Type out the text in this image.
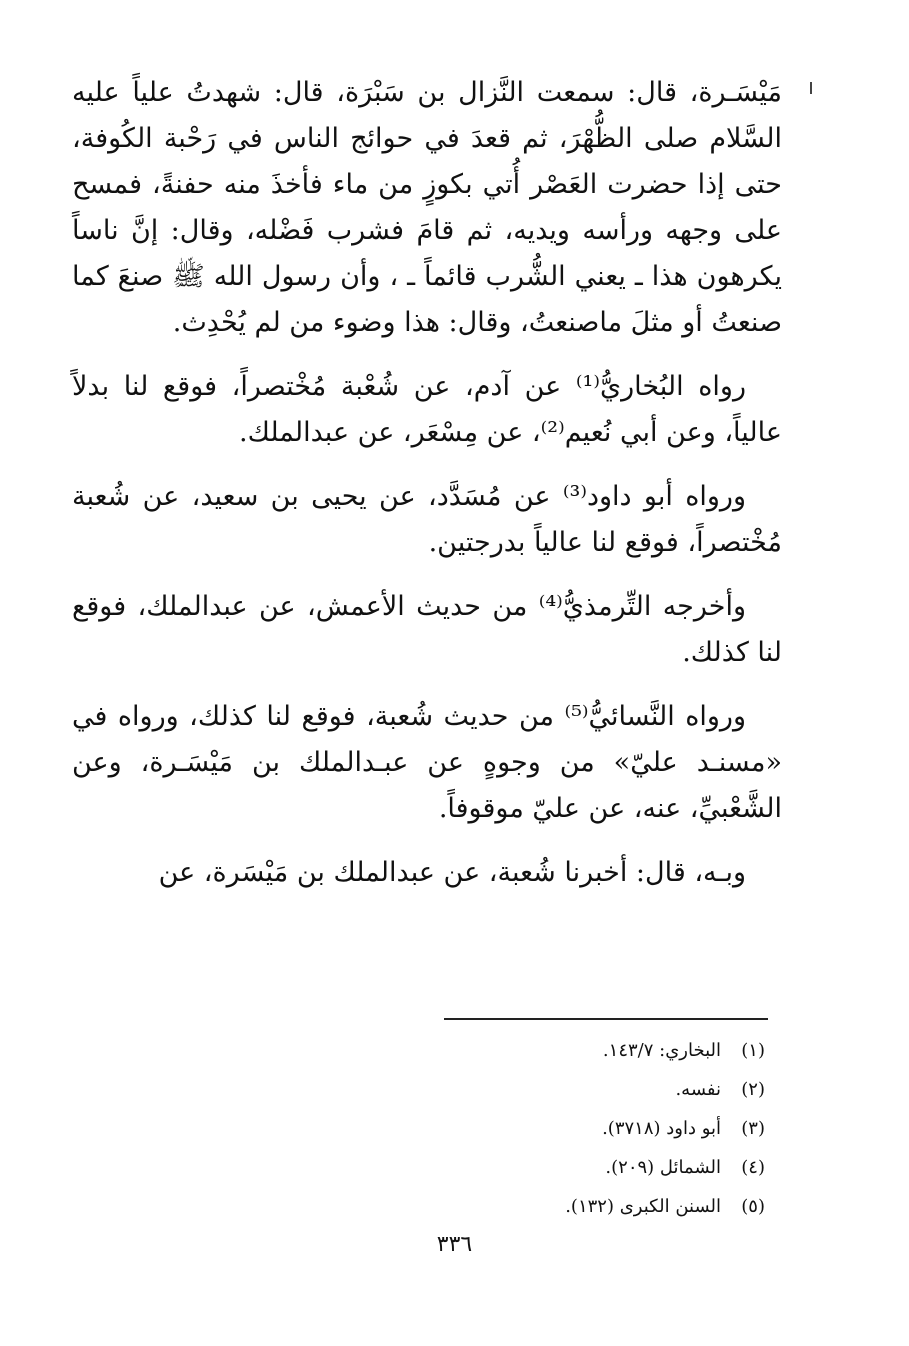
مَيْسَـرة، قال: سمعت النَّزال بن سَبْرَة، قال: شهدتُ علياً عليه السَّلام صلى الظُّهْرَ، ثم قعدَ في حوائج الناس في رَحْبة الكُوفة، حتى إذا حضرت العَصْر أُتي بكوزٍ من ماء فأخذَ منه حفنةً، فمسح على وجهه ورأسه ويديه، ثم قامَ فشرب فَضْله، وقال: إنَّ ناساً يكرهون هذا ـ يعني الشُّرب قائماً ـ ، وأن رسول الله ﷺ صنعَ كما صنعتُ أو مثلَ ماصنعتُ، وقال: هذا وضوء من لم يُحْدِث.

رواه البُخاريُّ⁽¹⁾ عن آدم، عن شُعْبة مُخْتصراً، فوقع لنا بدلاً عالياً، وعن أبي نُعيم⁽²⁾، عن مِسْعَر، عن عبدالملك.

ورواه أبو داود⁽³⁾ عن مُسَدَّد، عن يحيى بن سعيد، عن شُعبة مُخْتصراً، فوقع لنا عالياً بدرجتين.

وأخرجه التِّرمذيُّ⁽⁴⁾ من حديث الأعمش، عن عبدالملك، فوقع لنا كذلك.

ورواه النَّسائيُّ⁽⁵⁾ من حديث شُعبة، فوقع لنا كذلك، ورواه في «مسنـد عليّ» من وجوهٍ عن عبـدالملك بن مَيْسَـرة، وعن الشَّعْبيِّ، عنه، عن عليّ موقوفاً.

وبـه، قال: أخبرنا شُعبة، عن عبدالملك بن مَيْسَرة، عن

(١)
البخاري: ١٤٣/٧.
(٢)
نفسه.
(٣)
أبو داود (٣٧١٨).
(٤)
الشمائل (٢٠٩).
(٥)
السنن الكبرى (١٣٢).
٣٣٦
